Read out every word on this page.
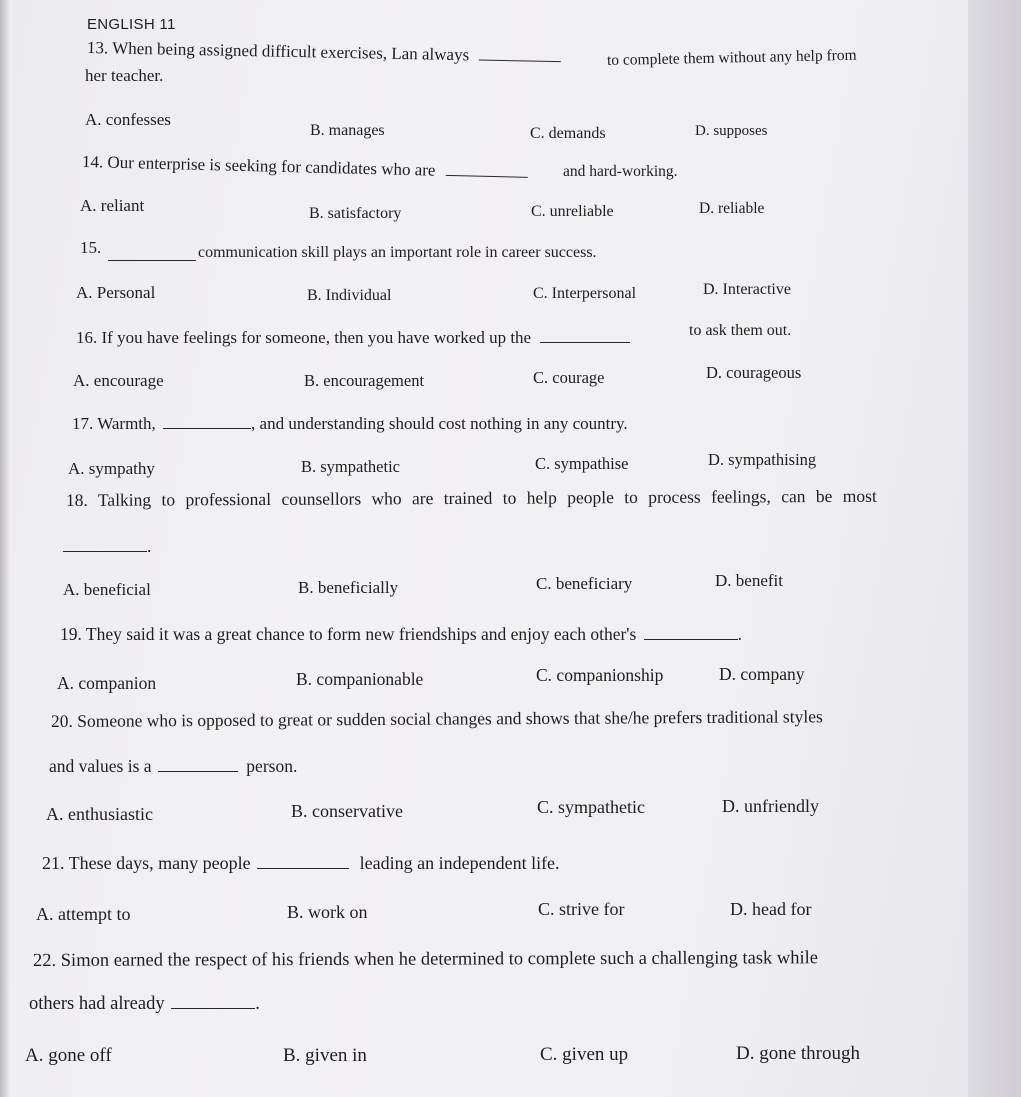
ENGLISH 11
13. When being assigned difficult exercises, Lan always	to complete them without any help from
her teacher.
A. confesses
B. manages	C. demands	D. supposes
14. Our enterprise is seeking for candidates who are	and hard-working.
A. reliant	B. satisfactory	C. unreliable	D. reliable
15.	communication skill plays an important role in career success.
A. Personal	B. Individual	C. Interpersonal	D. Interactive
16. If you have feelings for someone, then you have worked up the	to ask them out.
A. encourage	B. encouragement	C. courage	D. courageous
17. Warmth,	, and understanding should cost nothing in any country.
A. sympathy	B. sympathetic	C. sympathise	D. sympathising
18. Talking to professional counsellors who are trained to help people to process feelings, can be most
.
A. beneficial	B. beneficially	C. beneficiary	D. benefit
19. They said it was a great chance to form new friendships and enjoy each other's	.
A. companion	B. companionable	C. companionship	D. company
20. Someone who is opposed to great or sudden social changes and shows that she/he prefers traditional styles
and values is a	person.
A. enthusiastic	B. conservative	C. sympathetic	D. unfriendly
21. These days, many people	leading an independent life.
A. attempt to	B. work on	C. strive for	D. head for
22. Simon earned the respect of his friends when he determined to complete such a challenging task while
others had already	.
A. gone off	B. given in	C. given up	D. gone through
